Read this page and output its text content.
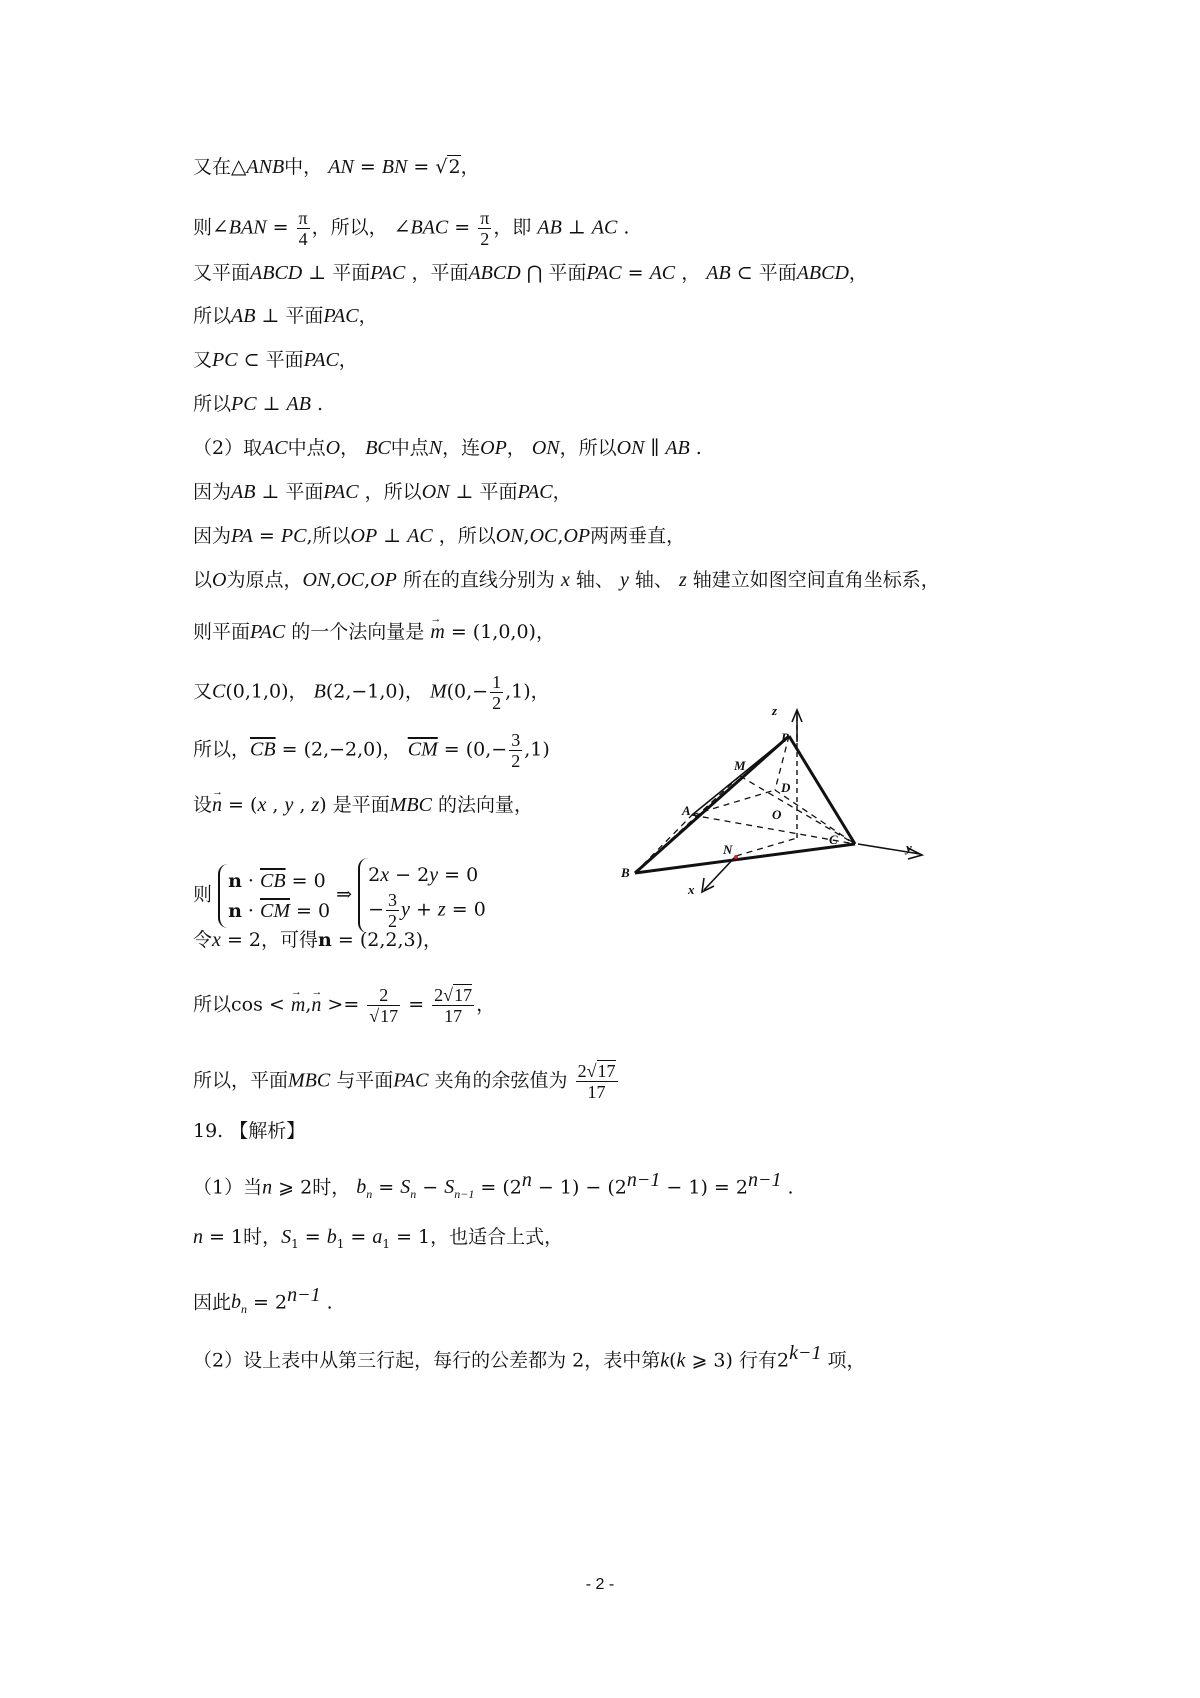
又在△ANB中， AN = BN = √2，
则∠BAN = $\frac{\pi}{4}$ ，所以， ∠BAC = $\frac{\pi}{2}$ ，即 AB ⊥ AC .
又平面ABCD ⊥ 平面PAC ，平面ABCD ⋂ 平面PAC = AC ， AB ⊂ 平面ABCD，
所以AB ⊥ 平面PAC，
又PC ⊂ 平面PAC，
所以PC ⊥ AB .
（2）取AC中点O， BC中点N，连OP， ON，所以ON ∥ AB .
因为AB ⊥ 平面PAC ，所以ON ⊥ 平面PAC，
因为PA = PC,所以OP ⊥ AC ，所以ON,OC,OP两两垂直，
以O为原点，ON,OC,OP 所在的直线分别为 x 轴、 y 轴、 z 轴建立如图空间直角坐标系，
则平面PAC 的一个法向量是 → m = (1,0,0)，
又C(0,1,0)， B(2,−1,0)， $M(0,- \frac{1}{2} ,1)$，
所以，$\overline{CB} = (2,-2,0)$， $\overline{CM} = (0,- \frac{3}{2} ,1)$
设→ n = (x , y , z) 是平面MBC 的法向量，
则
$n \cdot \overline{CB} = 0$
$n \cdot \overline{CM} = 0$
⇒
2x − 2y = 0
− $\frac{3}{2}$ y + z = 0
令x = 2，可得n = (2,2,3)，
所以cos < → $m,\to n >= \frac{2}{√17} = \frac{2√17}{17}$ ，
所以，平面MBC 与平面PAC 夹角的余弦值为 $\frac{2√17}{17}$
19. 【解析】
（1）当n ⩾ 2时， $b_n = S_n - S_{n-1} = (2^n - 1) - (2^{n-1} - 1) = 2^{n-1}$ .
n = 1时，$S_1 = b_1 = a_1 = 1$，也适合上式，
因此$b_n = 2^{n-1}$ .
（2）设上表中从第三行起，每行的公差都为 2，表中第k(k ⩾ 3) 行有$2^{k-1}$ 项，
z
y
x
P
M
A
D
O
C
N
B
- 2 -
